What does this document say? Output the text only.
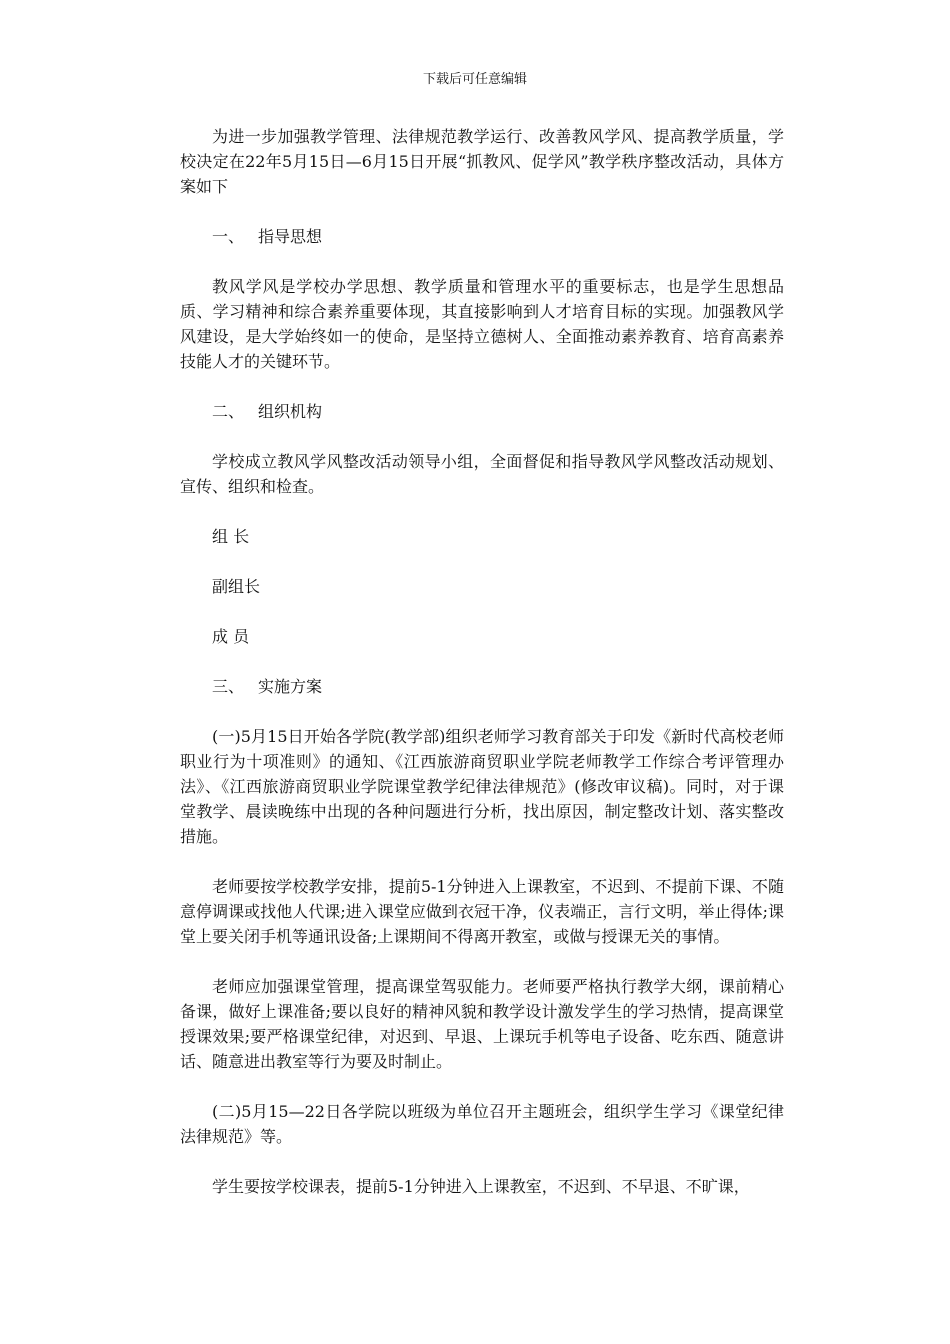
下载后可任意编辑

为进一步加强教学管理、法律规范教学运行、改善教风学风、提高教学质量，学校决定在22年5月15日—6月15日开展“抓教风、促学风”教学秩序整改活动，具体方案如下

一、 指导思想

教风学风是学校办学思想、教学质量和管理水平的重要标志，也是学生思想品质、学习精神和综合素养重要体现，其直接影响到人才培育目标的实现。加强教风学风建设，是大学始终如一的使命，是坚持立德树人、全面推动素养教育、培育高素养技能人才的关键环节。

二、 组织机构

学校成立教风学风整改活动领导小组，全面督促和指导教风学风整改活动规划、宣传、组织和检查。

组 长
副组长
成 员
三、 实施方案

(一)5月15日开始各学院(教学部)组织老师学习教育部关于印发《新时代高校老师职业行为十项准则》的通知、《江西旅游商贸职业学院老师教学工作综合考评管理办法》、《江西旅游商贸职业学院课堂教学纪律法律规范》(修改审议稿)。同时，对于课堂教学、晨读晚练中出现的各种问题进行分析，找出原因，制定整改计划、落实整改措施。

老师要按学校教学安排，提前5-1分钟进入上课教室，不迟到、不提前下课、不随意停调课或找他人代课;进入课堂应做到衣冠干净，仪表端正，言行文明，举止得体;课堂上要关闭手机等通讯设备;上课期间不得离开教室，或做与授课无关的事情。

老师应加强课堂管理，提高课堂驾驭能力。老师要严格执行教学大纲，课前精心备课，做好上课准备;要以良好的精神风貌和教学设计激发学生的学习热情，提高课堂授课效果;要严格课堂纪律，对迟到、早退、上课玩手机等电子设备、吃东西、随意讲话、随意进出教室等行为要及时制止。

(二)5月15—22日各学院以班级为单位召开主题班会，组织学生学习《课堂纪律法律规范》等。

学生要按学校课表，提前5-1分钟进入上课教室，不迟到、不早退、不旷课，
